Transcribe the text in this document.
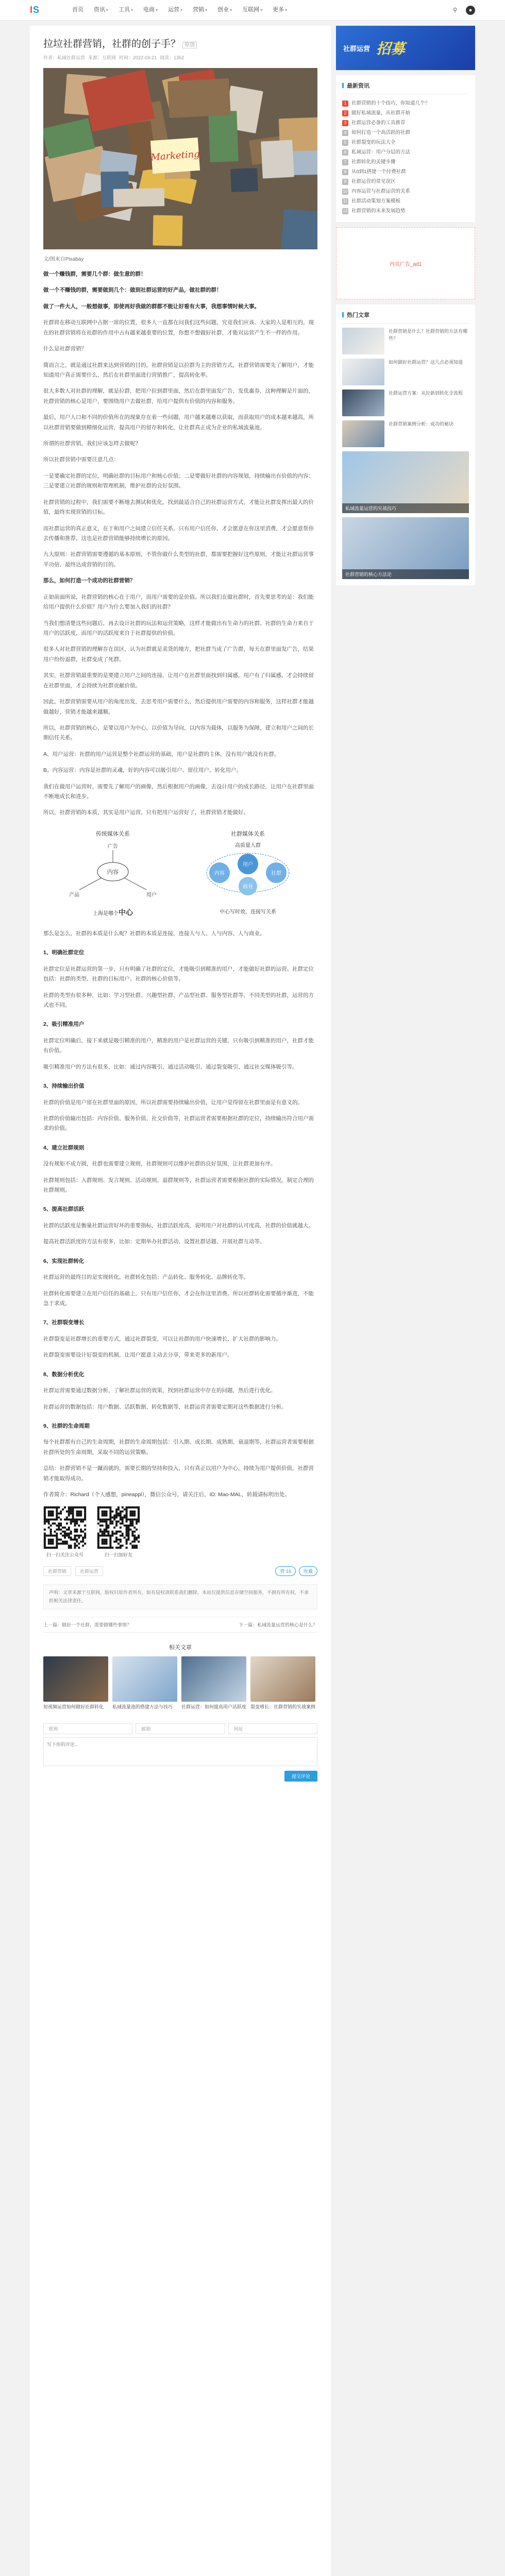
I S	首页	资讯 ▾	工具 ▾	电商 ▾	运营 ▾	营销 ▾	创业 ▾	互联网 ▾	更多 ▾	⚲	●
拉垃社群营销，社群的创子手？ 原创
作者：私域社群运营 来源：互联网 时间：2022-03-21 阅读：1352
Marketing
文/图来自Pixabay

做一个赚钱群，需要几个群：做生意的群！

做一个不赚钱的群，需要做到几个：做到社群运营的好产品，做社群的群！

做了一件大人，一般想做事，即使再好我做的群都不能让好看有大事，我想事情时候大事。

社群将在移动互联网中占据一席的位置，很多人一直都在问我们这些问题，究竟我们应该、大家的人是相互的，现在的社群营销将在社群的作用中占有越来越重要的位置，你想不想做好社群，才能对运营产生不一样的作用。

什么是社群营销？

简而言之，就是通过社群来达到营销的目的。社群营销是以拉群为主的营销方式，社群营销需要先了解用户，才能知道用户真正需要什么，然后在社群里面进行营销推广，提高转化率。

很大多数人对社群的理解，就是拉群，把用户拉到群里面，然后在群里面发广告、发优惠券，这种理解是片面的，社群营销的核心是用户，要围绕用户去做社群，给用户提供有价值的内容和服务。

最后，用户人口和不同的价值所在的现象存在着一些问题，用户越来越难以获取，而获取用户的成本越来越高，所以社群营销要做到精细化运营，提高用户的留存和转化，让社群真正成为企业的私域流量池。

所谓的社群营销，我们应该怎样去做呢？

所以社群营销中需要注意几点：

一是要确定社群的定位，明确社群的目标用户和核心价值；二是要做好社群的内容规划，持续输出有价值的内容；三是要建立社群的规则和管理机制，维护社群的良好氛围。

社群营销的过程中，我们需要不断地去测试和优化，找到最适合自己的社群运营方式，才能让社群发挥出最大的价值，最终实现营销的目标。

而社群运营的真正意义，在于和用户之间建立信任关系。只有用户信任你，才会愿意在你这里消费，才会愿意帮你去传播和推荐，这也是社群营销能够持续增长的原因。

九大原则：社群营销需要遵循的基本原则，不管你做什么类型的社群，都需要把握好这些原则，才能让社群运营事半功倍，最终达成营销的目的。

那么，如何打造一个成功的社群营销？

正如前面所说，社群营销的核心在于用户，而用户需要的是价值。所以我们在做社群时，首先要思考的是：我们能给用户提供什么价值？用户为什么要加入我们的社群？

当我们想清楚这些问题后，再去设计社群的玩法和运营策略，这样才能做出有生命力的社群。社群的生命力来自于用户的活跃度，而用户的活跃度来自于社群提供的价值。

很多人对社群营销的理解存在误区，认为社群就是卖货的地方，把社群当成了广告群，每天在群里面发广告，结果用户纷纷退群，社群变成了死群。

其实，社群营销最重要的是要建立用户之间的连接，让用户在社群里面找到归属感，用户有了归属感，才会持续留在社群里面，才会持续为社群贡献价值。

因此，社群营销需要从用户的角度出发，去思考用户需要什么，然后提供用户需要的内容和服务，这样社群才能越做越好，营销才能越来越顺。

所以，社群营销的核心，是要以用户为中心，以价值为导向，以内容为载体，以服务为保障，建立和用户之间的长期信任关系。

A、用户运营：社群的用户运营是整个社群运营的基础，用户是社群的主体，没有用户就没有社群。

B、内容运营：内容是社群的灵魂，好的内容可以吸引用户、留住用户、转化用户。

我们在做用户运营时，需要先了解用户的画像，然后根据用户的画像，去设计用户的成长路径，让用户在社群里面不断地成长和进步。

所以，社群营销的本质，其实是用户运营。只有把用户运营好了，社群营销才能做好。

传统媒体关系
内容
广告
产品	用户
上海是哪个中心
社群媒体关系
高质量人群
内容
用户
社群
商业
中心写时效，连接写关系

那么是怎么，社群的本质是什么呢？社群的本质是连接，连接人与人、人与内容、人与商业。

1、明确社群定位

社群定位是社群运营的第一步，只有明确了社群的定位，才能吸引到精准的用户，才能做好社群的运营。社群定位包括：社群的类型、社群的目标用户、社群的核心价值等。

社群的类型有很多种，比如：学习型社群、兴趣型社群、产品型社群、服务型社群等，不同类型的社群，运营的方式也不同。

2、吸引精准用户

社群定位明确后，接下来就是吸引精准的用户，精准的用户是社群运营的关键，只有吸引到精准的用户，社群才能有价值。

吸引精准用户的方法有很多，比如：通过内容吸引、通过活动吸引、通过裂变吸引、通过社交媒体吸引等。

3、持续输出价值

社群的价值是用户留在社群里面的原因，所以社群需要持续输出价值，让用户觉得留在社群里面是有意义的。

社群的价值输出包括：内容价值、服务价值、社交价值等，社群运营者需要根据社群的定位，持续输出符合用户需求的价值。

4、建立社群规则

没有规矩不成方圆，社群也需要建立规则，社群规则可以维护社群的良好氛围，让社群更加有序。

社群规则包括：入群规则、发言规则、活动规则、退群规则等，社群运营者需要根据社群的实际情况，制定合理的社群规则。

5、提高社群活跃

社群的活跃度是衡量社群运营好坏的重要指标，社群活跃度高，说明用户对社群的认可度高，社群的价值就越大。

提高社群活跃度的方法有很多，比如：定期举办社群活动、设置社群话题、开展社群互动等。

6、实现社群转化

社群运营的最终目的是实现转化，社群转化包括：产品转化、服务转化、品牌转化等。

社群转化需要建立在用户信任的基础上，只有用户信任你，才会在你这里消费。所以社群转化需要循序渐进，不能急于求成。

7、社群裂变增长

社群裂变是社群增长的重要方式，通过社群裂变，可以让社群的用户快速增长，扩大社群的影响力。

社群裂变需要设计好裂变的机制，让用户愿意主动去分享，带来更多的新用户。

8、数据分析优化

社群运营需要通过数据分析，了解社群运营的效果，找到社群运营中存在的问题，然后进行优化。

社群运营的数据包括：用户数据、活跃数据、转化数据等，社群运营者需要定期对这些数据进行分析。

9、社群的生命周期

每个社群都有自己的生命周期，社群的生命周期包括：引入期、成长期、成熟期、衰退期等，社群运营者需要根据社群所处的生命周期，采取不同的运营策略。

总结：社群营销不是一蹴而就的，需要长期的坚持和投入，只有真正以用户为中心，持续为用户提供价值，社群营销才能取得成功。

作者简介：Richard（个人感想，pineappl），微信公众号，请关注后，ID: Mao-MAL，转载请标明出处。

扫一扫关注公众号	扫一扫加好友
社群营销	社群运营	赞 16	收藏
声明：文章来源于互联网，版权归原作者所有，如有侵权请联系我们删除，本站仅提供信息存储空间服务，不拥有所有权，不承担相关法律责任。
上一篇：做好一个社群，需要做哪些事情？	下一篇：私域流量运营的核心是什么？
相关文章
短视频运营如何做好社群转化	私域流量池的搭建方法与技巧	社群运营：如何提高用户活跃度 裂变增长：社群营销的实战案例
昵称	邮箱	网址
写下你的评论...
提交评论
社群运营 招募
最新资讯
1 社群营销的十个技巧，你知道几个？
2 做好私域流量，从社群开始
3 社群运营必备的工具推荐
4 如何打造一个高活跃的社群
5 社群裂变的玩法大全
6 私域运营：用户分层的方法
7 社群转化的关键步骤
8 从0到1搭建一个付费社群
9 社群运营的常见误区
10 内容运营与社群运营的关系
11 社群活动策划方案模板
12 社群营销的未来发展趋势
内页广告_ad1
热门文章
社群营销是什么？社群营销的方法有哪些？
如何做好社群运营？这几点必须知道
社群运营方案：从拉新到转化全流程
社群营销案例分析：成功的秘诀
私域流量运营的实战技巧
社群营销的核心方法论
